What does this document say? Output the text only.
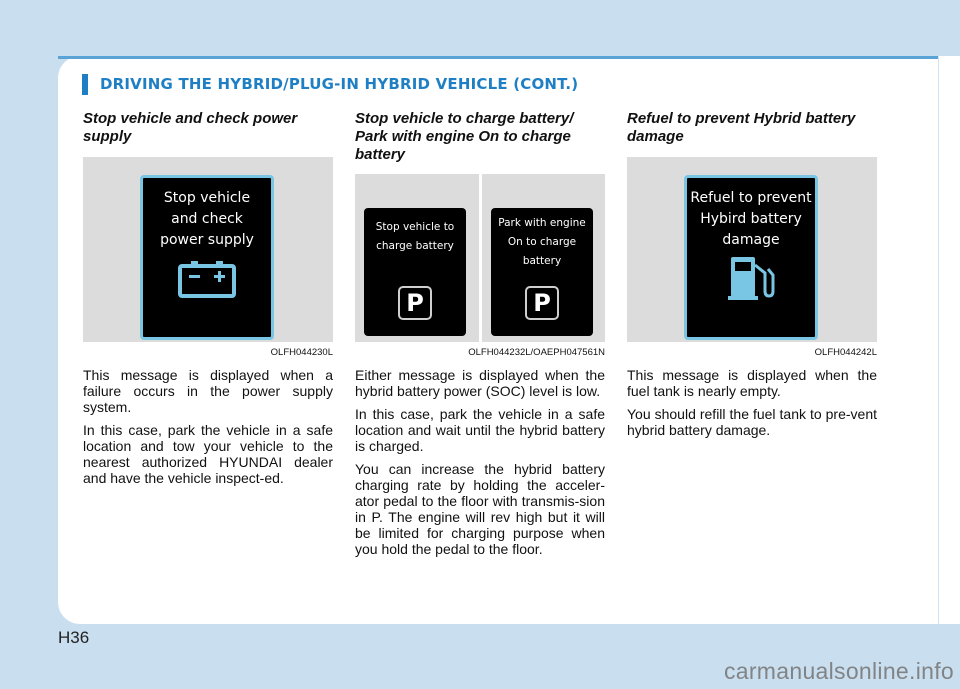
DRIVING THE HYBRID/PLUG-IN HYBRID VEHICLE (CONT.)

Stop vehicle and check power supply

Stop vehicle
and check
power supply
OLFH044230L

This message is displayed when a failure occurs in the power supply system.

In this case, park the vehicle in a safe location and tow your vehicle to the nearest authorized HYUNDAI dealer and have the vehicle inspect-ed.

Stop vehicle to charge battery/ Park with engine On to charge battery

Stop vehicle to
charge battery
P
Park with engine
On to charge
battery
P
OLFH044232L/OAEPH047561N

Either message is displayed when the hybrid battery power (SOC) level is low.

In this case, park the vehicle in a safe location and wait until the hybrid battery is charged.

You can increase the hybrid battery charging rate by holding the acceler-ator pedal to the floor with transmis-sion in P. The engine will rev high but it will be limited for charging purpose when you hold the pedal to the floor.

Refuel to prevent Hybrid battery damage

Refuel to prevent
Hybird battery
damage
OLFH044242L

This message is displayed when the fuel tank is nearly empty.

You should refill the fuel tank to pre-vent hybrid battery damage.

H36
carmanualsonline.info
